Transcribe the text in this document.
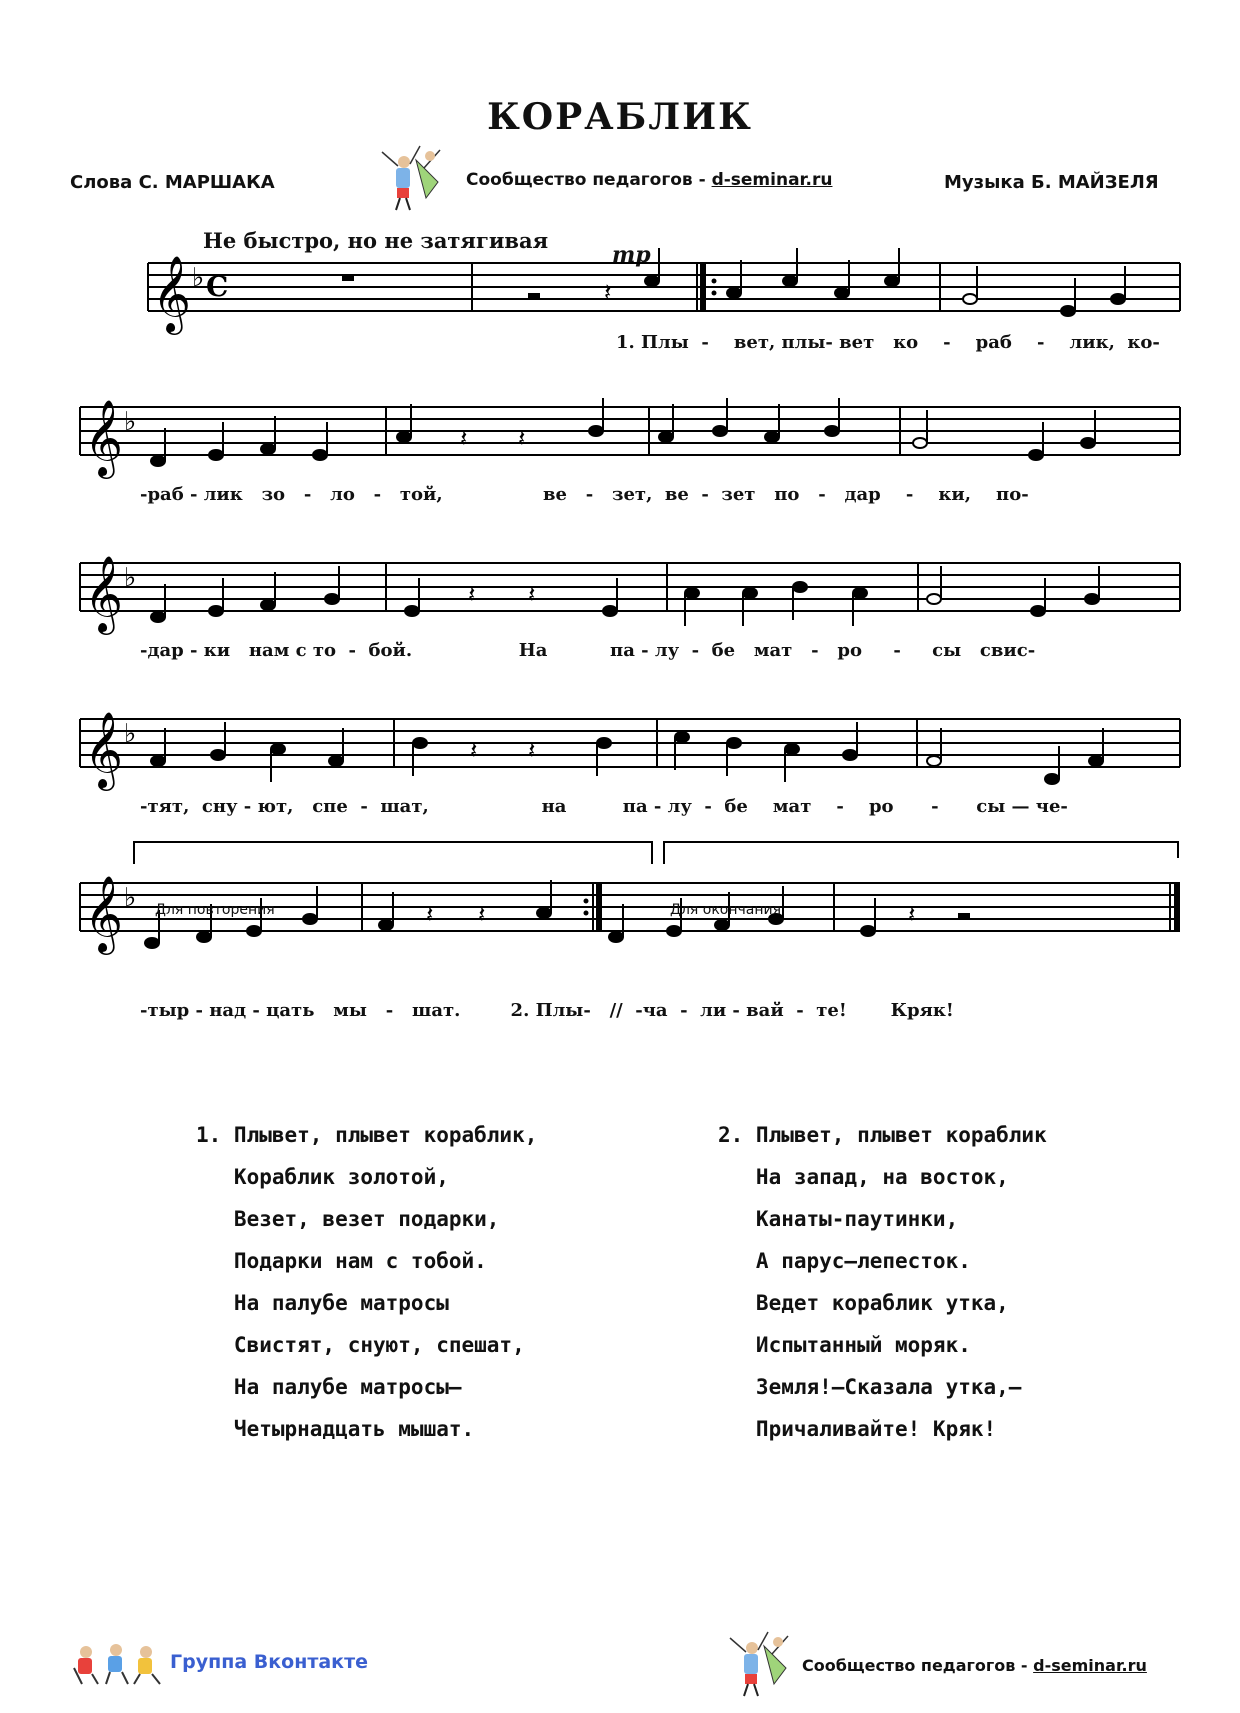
КОРАБЛИК
Слова С. МАРШАКА	Сообщество педагогов - d-seminar.ru	Музыка Б. МАЙЗЕЛЯ
Не быстро, но не затягивая
mp
𝄞 ♭ C	𝄽
1. Плы  -    вет, плы- вет   ко    -    раб    -    лик,  ко-
𝄞 ♭
𝄽 𝄽
-раб - лик   зо   -   ло   -   той,                ве   -   зет,  ве  -  зет   по   -   дар    -    ки,    по-
𝄞 ♭
𝄽 𝄽
-дар - ки   нам с то  -  бой.                 На          па - лу  -  бе   мат   -   ро     -     сы   свис-
𝄞 ♭
𝄽 𝄽
-тят,  сну - ют,   спе  -  шат,                  на         па - лу  -  бе    мат    -    ро      -      сы — че-
𝄞 ♭
𝄽 𝄽	𝄽
Для повторения	Для окончания
-тыр - над - цать   мы   -   шат.        2. Плы-   //  -ча  -  ли - вай  -  те!       Кряк!
1. Плывет, плывет кораблик,
Кораблик золотой,
Везет, везет подарки,
Подарки нам с тобой.
На палубе матросы
Свистят, снуют, спешат,
На палубе матросы—
Четырнадцать мышат.
2. Плывет, плывет кораблик
На запад, на восток,
Канаты-паутинки,
А парус—лепесток.
Ведет кораблик утка,
Испытанный моряк.
Земля!—Сказала утка,—
Причаливайте! Кряк!
Группа Вконтакте	Сообщество педагогов - d-seminar.ru
